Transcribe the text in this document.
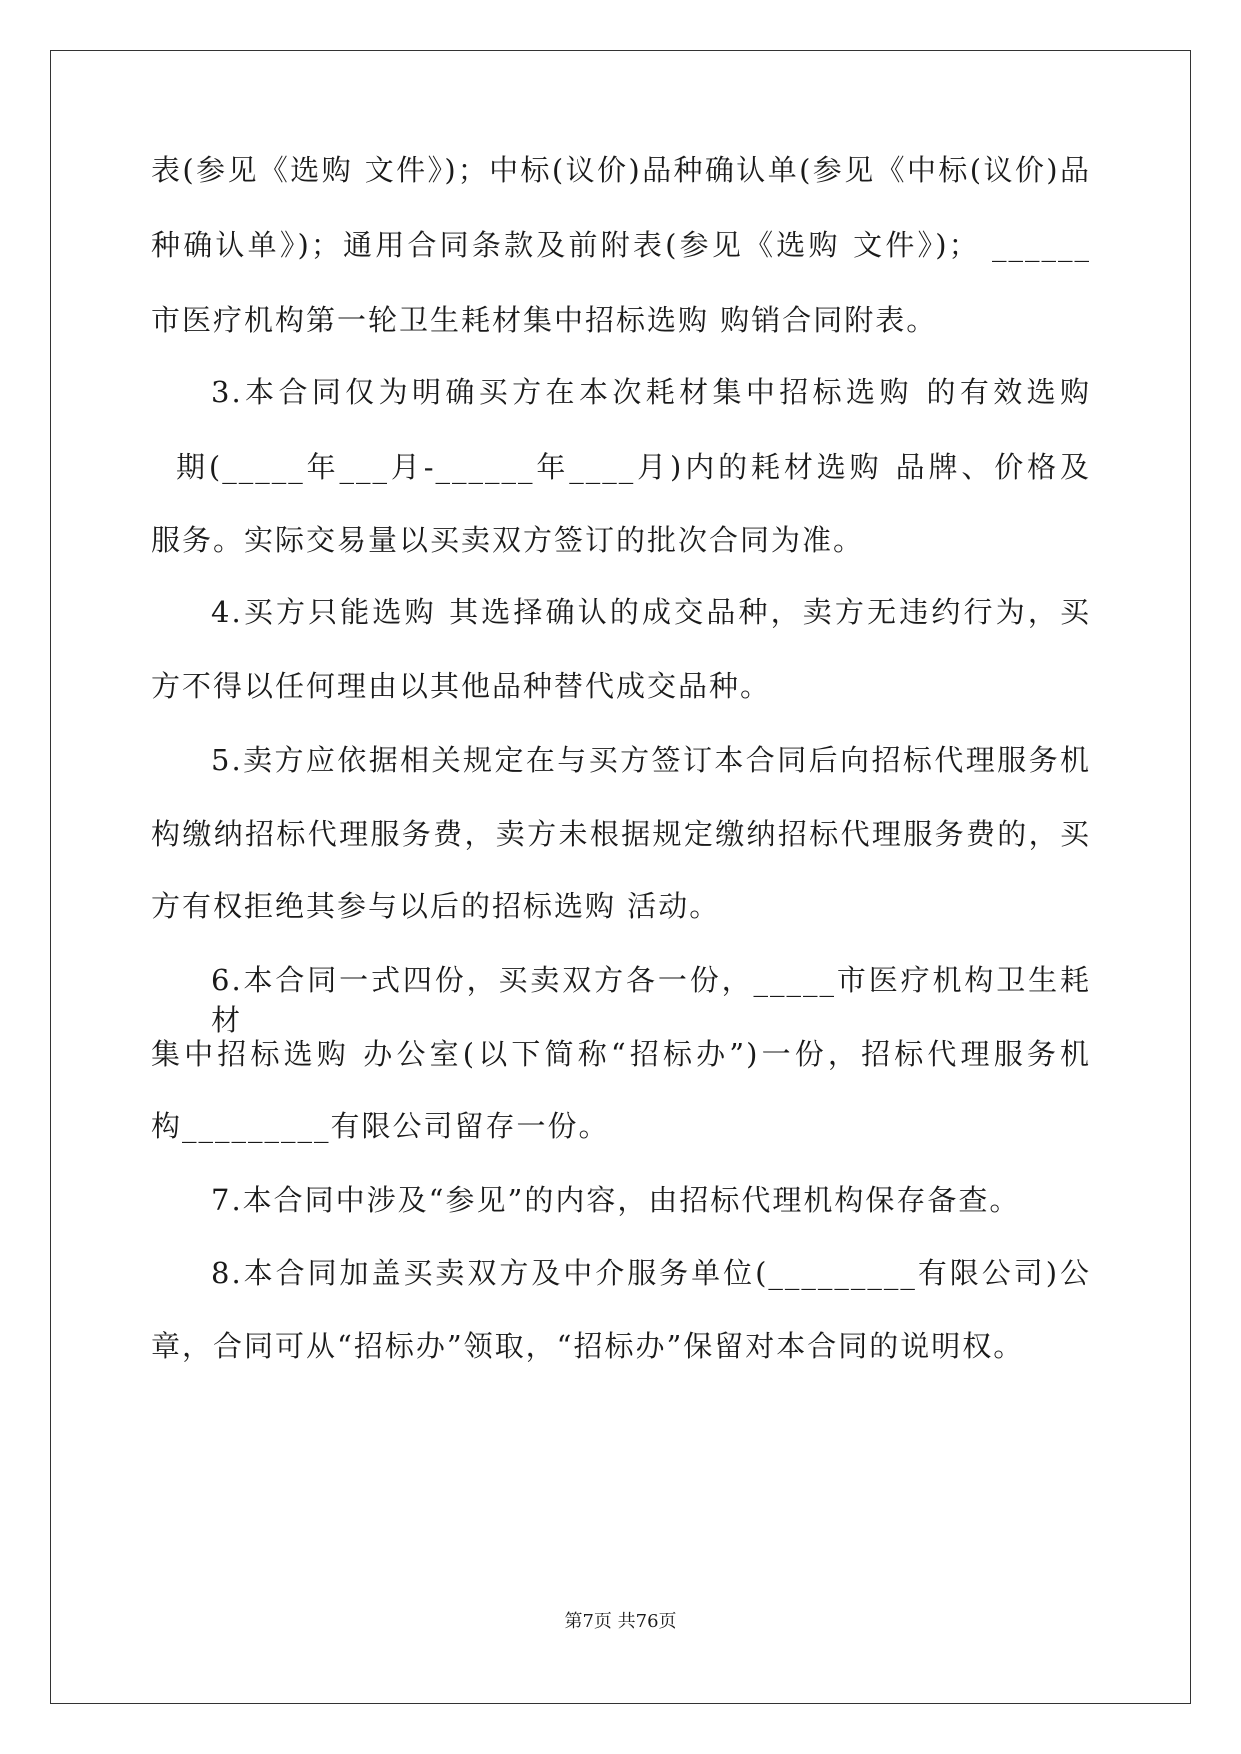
表(参见《选购 文件》)；中标(议价)品种确认单(参见《中标(议价)品
种确认单》)；通用合同条款及前附表(参见《选购 文件》)； ______
市医疗机构第一轮卫生耗材集中招标选购 购销合同附表。
3.本合同仅为明确买方在本次耗材集中招标选购 的有效选购
期(_____年___月-______年____月)内的耗材选购 品牌、价格及
服务。实际交易量以买卖双方签订的批次合同为准。
4.买方只能选购 其选择确认的成交品种，卖方无违约行为，买
方不得以任何理由以其他品种替代成交品种。
5.卖方应依据相关规定在与买方签订本合同后向招标代理服务机
构缴纳招标代理服务费，卖方未根据规定缴纳招标代理服务费的，买
方有权拒绝其参与以后的招标选购 活动。
6.本合同一式四份，买卖双方各一份，_____市医疗机构卫生耗材
集中招标选购 办公室(以下简称“招标办”)一份，招标代理服务机
构_________有限公司留存一份。
7.本合同中涉及“参见”的内容，由招标代理机构保存备查。
8.本合同加盖买卖双方及中介服务单位(_________有限公司)公
章，合同可从“招标办”领取，“招标办”保留对本合同的说明权。
第7页 共76页
